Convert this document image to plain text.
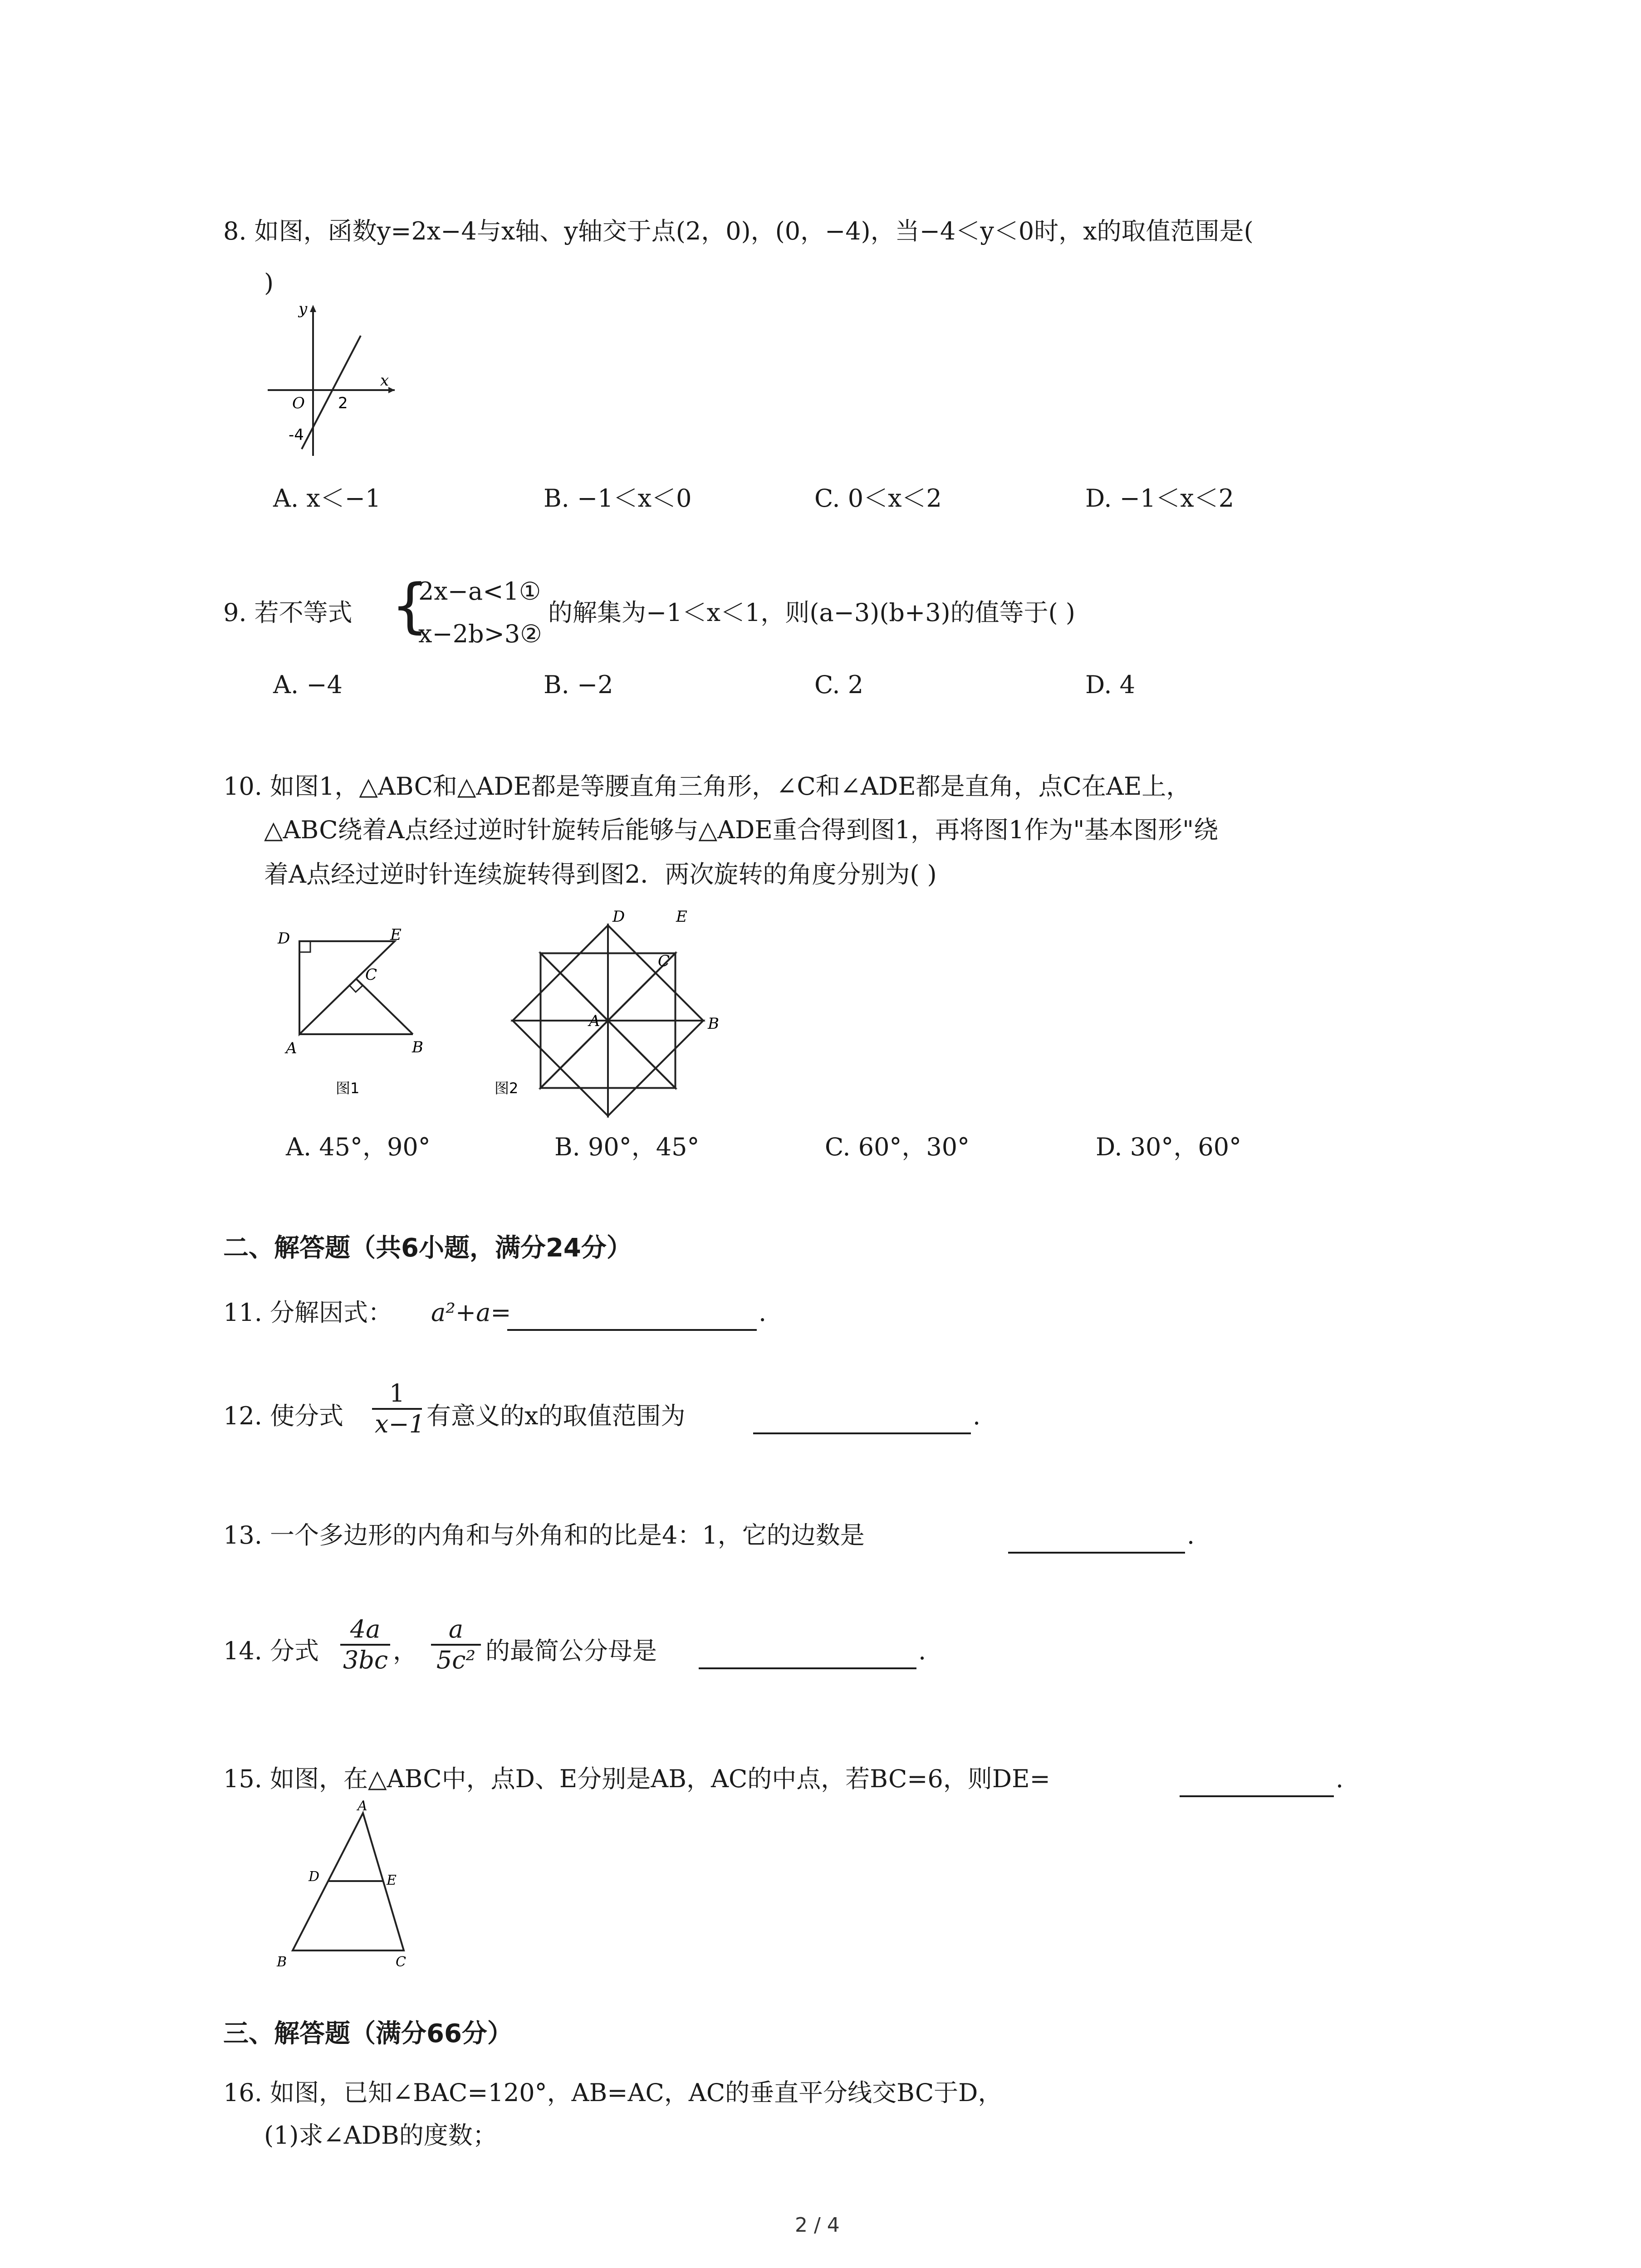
8. 如图，函数y=2x−4与x轴、y轴交于点(2，0)，(0，−4)，当−4＜y＜0时，x的取值范围是(
)
y
x
O 2
-4
A. x＜−1	B. −1＜x＜0	C. 0＜x＜2	D. −1＜x＜2
9. 若不等式 {
2x−a<1①
x−2b>3②
的解集为−1＜x＜1，则(a−3)(b+3)的值等于( )
A. −4	B. −2	C. 2	D. 4
10. 如图1，△ABC和△ADE都是等腰直角三角形，∠C和∠ADE都是直角，点C在AE上，
△ABC绕着A点经过逆时针旋转后能够与△ADE重合得到图1，再将图1作为"基本图形"绕
着A点经过逆时针连续旋转得到图2．两次旋转的角度分别为( )
D	E
C
A	B
图1
D	E
C
A	B
图2
A. 45°，90°	B. 90°，45°	C. 60°，30°	D. 30°，60°
二、解答题（共6小题，满分24分）
11. 分解因式： a²+a=	.
12. 使分式 $\frac{1}{x-1}$ 有意义的x的取值范围为	.
13. 一个多边形的内角和与外角和的比是4：1，它的边数是	.
14. 分式 $\frac{4a}{3bc}$ ， $\frac{a}{\text{5c²}}$ 的最简公分母是	.
15. 如图，在△ABC中，点D、E分别是AB，AC的中点，若BC=6，则DE=	.
A
D	E
B	C
三、解答题（满分66分）
16. 如图，已知∠BAC=120°，AB=AC，AC的垂直平分线交BC于D，
(1)求∠ADB的度数；
2 / 4
